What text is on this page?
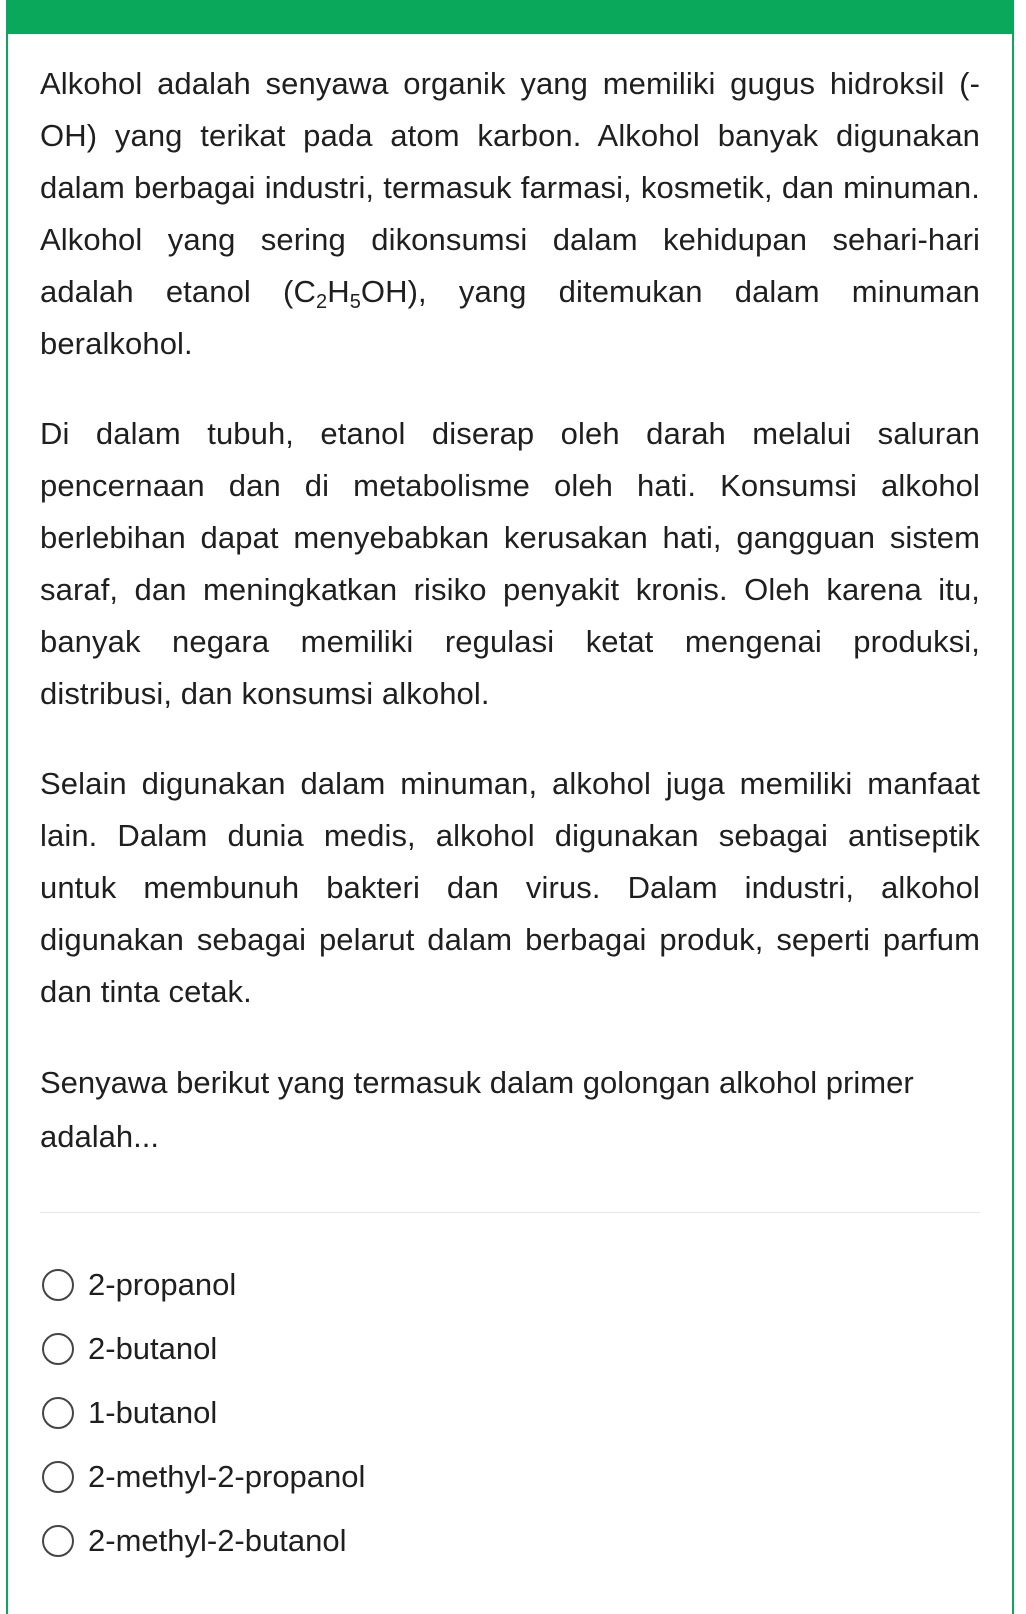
Alkohol adalah senyawa organik yang memiliki gugus hidroksil (-OH) yang terikat pada atom karbon. Alkohol banyak digunakan dalam berbagai industri, termasuk farmasi, kosmetik, dan minuman. Alkohol yang sering dikonsumsi dalam kehidupan sehari-hari adalah etanol $(C_2H_5OH)$, yang ditemukan dalam minuman beralkohol.

Di dalam tubuh, etanol diserap oleh darah melalui saluran pencernaan dan di metabolisme oleh hati. Konsumsi alkohol berlebihan dapat menyebabkan kerusakan hati, gangguan sistem saraf, dan meningkatkan risiko penyakit kronis. Oleh karena itu, banyak negara memiliki regulasi ketat mengenai produksi, distribusi, dan konsumsi alkohol.

Selain digunakan dalam minuman, alkohol juga memiliki manfaat lain. Dalam dunia medis, alkohol digunakan sebagai antiseptik untuk membunuh bakteri dan virus. Dalam industri, alkohol digunakan sebagai pelarut dalam berbagai produk, seperti parfum dan tinta cetak.

Senyawa berikut yang termasuk dalam golongan alkohol primer adalah...

2-propanol
2-butanol
1-butanol
2-methyl-2-propanol
2-methyl-2-butanol
